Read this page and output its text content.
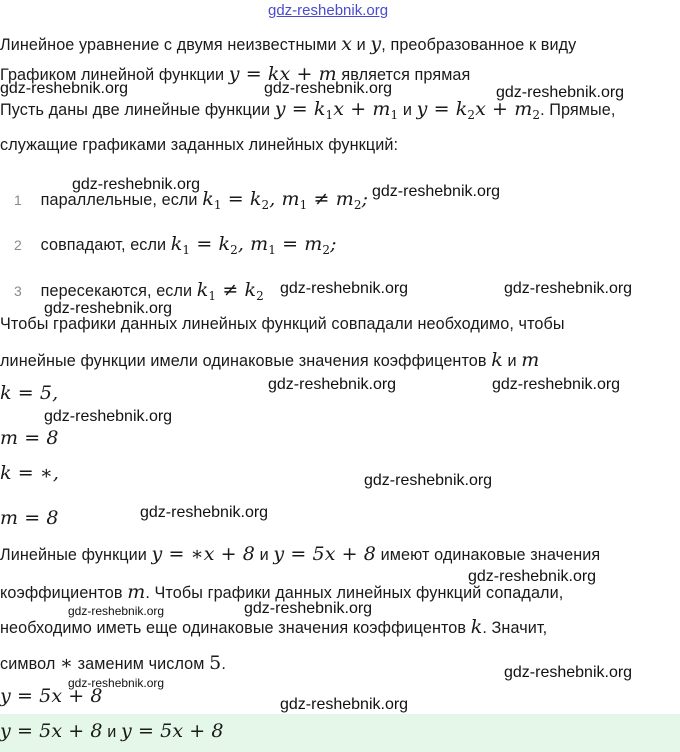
gdz-reshebnik.org
Линейное уравнение с двумя неизвестными x и y, преобразованное к виду
Графиком линейной функции y = kx + m является прямая
Пусть даны две линейные функции $y = k_1x + m_1$ и $y = k_2x + m_2$. Прямые,
служащие графиками заданных линейных функций:
1 параллельные, если $k_1 = k_2$, $m_1 \ne m_2$;
2 совпадают, если $k_1 = k_2$, $m_1 = m_2$;
3 пересекаются, если $k_1 \ne k_2$
Чтобы графики данных линейных функций совпадали необходимо, чтобы
линейные функции имели одинаковые значения коэффицентов k и m
k = 5,
m = 8
k = ∗,
m = 8
Линейные функции y = ∗x + 8 и y = 5x + 8 имеют одинаковые значения
коэффициентов m. Чтобы графики данных линейных функций сопадали,
необходимо иметь еще одинаковые значения коэффицентов k. Значит,
символ ∗ заменим числом 5.
y = 5x + 8
y = 5x + 8 и y = 5x + 8
gdz-reshebnik.org	gdz-reshebnik.org	gdz-reshebnik.org
gdz-reshebnik.org	gdz-reshebnik.org
gdz-reshebnik.org	gdz-reshebnik.org
gdz-reshebnik.org
gdz-reshebnik.org	gdz-reshebnik.org
gdz-reshebnik.org
gdz-reshebnik.org
gdz-reshebnik.org
gdz-reshebnik.org
gdz-reshebnik.org	gdz-reshebnik.org
gdz-reshebnik.org
gdz-reshebnik.org
gdz-reshebnik.org
